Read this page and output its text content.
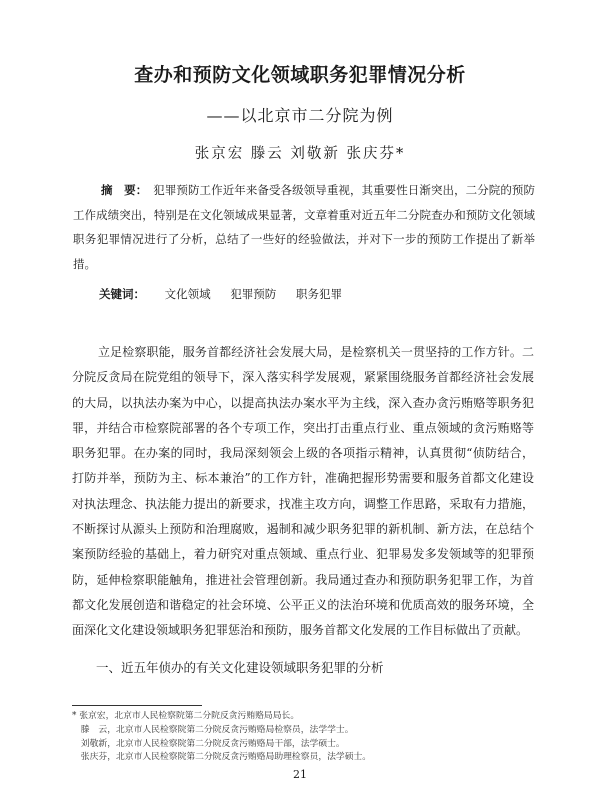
查办和预防文化领域职务犯罪情况分析
——以北京市二分院为例
张京宏 滕云 刘敬新 张庆芬*
摘　要： 犯罪预防工作近年来备受各级领导重视，其重要性日渐突出，二分院的预防工作成绩突出，特别是在文化领域成果显著，文章着重对近五年二分院查办和预防文化领域职务犯罪情况进行了分析，总结了一些好的经验做法，并对下一步的预防工作提出了新举措。
关键词： 文化领域 犯罪预防 职务犯罪
立足检察职能，服务首都经济社会发展大局，是检察机关一贯坚持的工作方针。二分院反贪局在院党组的领导下，深入落实科学发展观，紧紧围绕服务首都经济社会发展的大局，以执法办案为中心，以提高执法办案水平为主线，深入查办贪污贿赂等职务犯罪，并结合市检察院部署的各个专项工作，突出打击重点行业、重点领域的贪污贿赂等职务犯罪。在办案的同时，我局深刻领会上级的各项指示精神，认真贯彻“侦防结合，打防并举，预防为主、标本兼治”的工作方针，准确把握形势需要和服务首都文化建设对执法理念、执法能力提出的新要求，找准主攻方向，调整工作思路，采取有力措施，不断探讨从源头上预防和治理腐败，遏制和减少职务犯罪的新机制、新方法，在总结个案预防经验的基础上，着力研究对重点领域、重点行业、犯罪易发多发领域等的犯罪预防，延伸检察职能触角，推进社会管理创新。我局通过查办和预防职务犯罪工作，为首都文化发展创造和谐稳定的社会环境、公平正义的法治环境和优质高效的服务环境，全面深化文化建设领域职务犯罪惩治和预防，服务首都文化发展的工作目标做出了贡献。
一、近五年侦办的有关文化建设领域职务犯罪的分析
* 张京宏，北京市人民检察院第二分院反贪污贿赂局局长。
　滕　云，北京市人民检察院第二分院反贪污贿赂局检察员，法学学士。
　刘敬新，北京市人民检察院第二分院反贪污贿赂局干部，法学硕士。
　张庆芬，北京市人民检察院第二分院反贪污贿赂局助理检察员，法学硕士。
21
